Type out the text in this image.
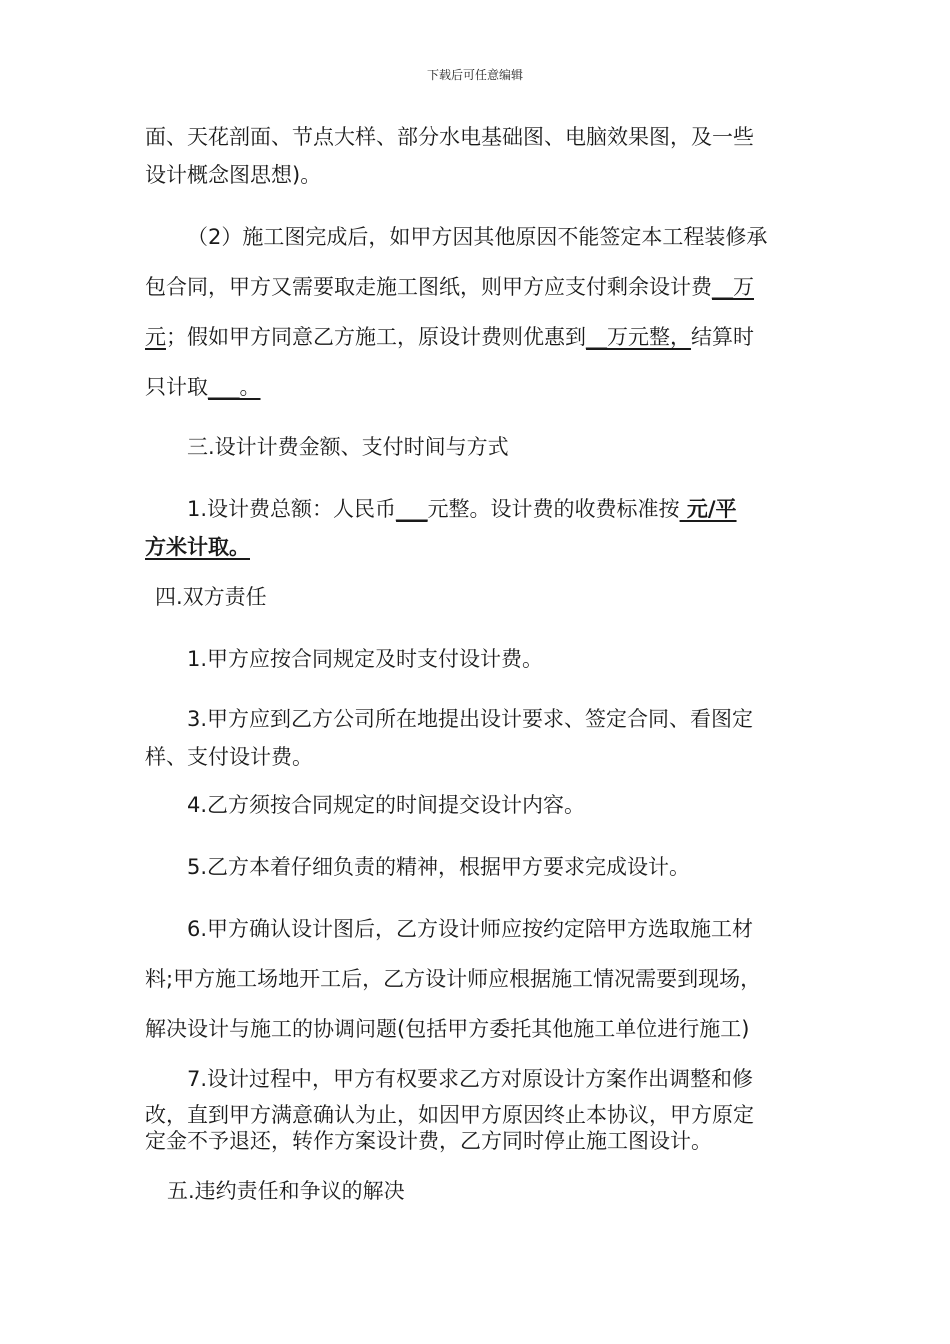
下载后可任意编辑
面、天花剖面、节点大样、部分水电基础图、电脑效果图，及一些
设计概念图思想)。
（2）施工图完成后，如甲方因其他原因不能签定本工程装修承
包合同，甲方又需要取走施工图纸，则甲方应支付剩余设计费__万
元；假如甲方同意乙方施工，原设计费则优惠到__万元整，结算时
只计取___。
三.设计计费金额、支付时间与方式
1.设计费总额：人民币___元整。设计费的收费标准按 元/平
方米计取。
四.双方责任
1.甲方应按合同规定及时支付设计费。
3.甲方应到乙方公司所在地提出设计要求、签定合同、看图定
样、支付设计费。
4.乙方须按合同规定的时间提交设计内容。
5.乙方本着仔细负责的精神，根据甲方要求完成设计。
6.甲方确认设计图后，乙方设计师应按约定陪甲方选取施工材
料;甲方施工场地开工后，乙方设计师应根据施工情况需要到现场，
解决设计与施工的协调问题(包括甲方委托其他施工单位进行施工)
7.设计过程中，甲方有权要求乙方对原设计方案作出调整和修
改，直到甲方满意确认为止，如因甲方原因终止本协议，甲方原定
定金不予退还，转作方案设计费，乙方同时停止施工图设计。
五.违约责任和争议的解决
